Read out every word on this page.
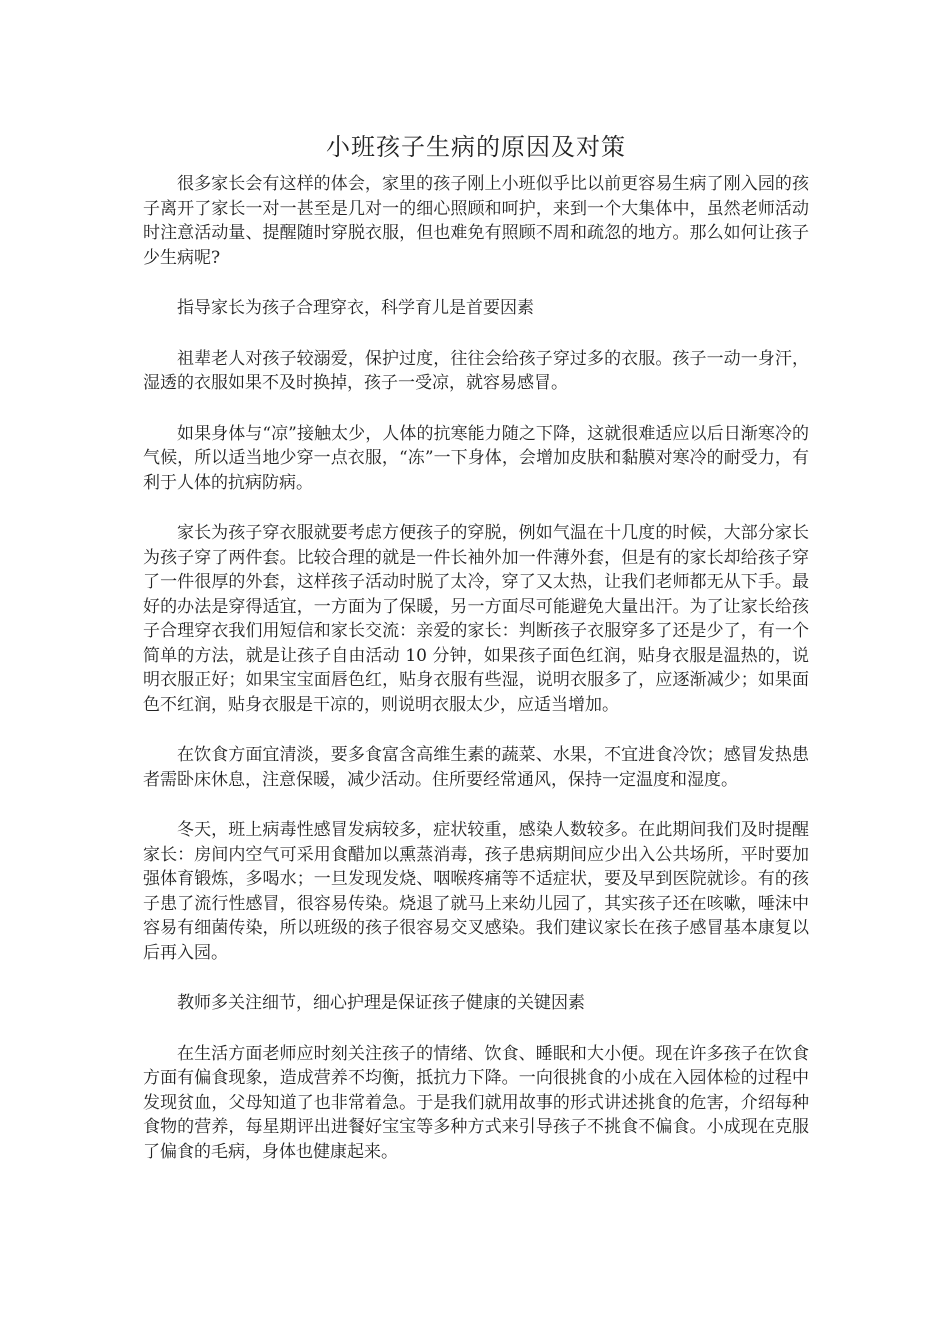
小班孩子生病的原因及对策

很多家长会有这样的体会，家里的孩子刚上小班似乎比以前更容易生病了刚入园的孩子离开了家长一对一甚至是几对一的细心照顾和呵护，来到一个大集体中，虽然老师活动时注意活动量、提醒随时穿脱衣服，但也难免有照顾不周和疏忽的地方。那么如何让孩子少生病呢?

指导家长为孩子合理穿衣，科学育儿是首要因素

祖辈老人对孩子较溺爱，保护过度，往往会给孩子穿过多的衣服。孩子一动一身汗，湿透的衣服如果不及时换掉，孩子一受凉，就容易感冒。

如果身体与“凉”接触太少，人体的抗寒能力随之下降，这就很难适应以后日渐寒冷的气候，所以适当地少穿一点衣服，“冻”一下身体，会增加皮肤和黏膜对寒冷的耐受力，有利于人体的抗病防病。

家长为孩子穿衣服就要考虑方便孩子的穿脱，例如气温在十几度的时候，大部分家长为孩子穿了两件套。比较合理的就是一件长袖外加一件薄外套，但是有的家长却给孩子穿了一件很厚的外套，这样孩子活动时脱了太冷，穿了又太热，让我们老师都无从下手。最好的办法是穿得适宜，一方面为了保暖，另一方面尽可能避免大量出汗。为了让家长给孩子合理穿衣我们用短信和家长交流：亲爱的家长：判断孩子衣服穿多了还是少了，有一个简单的方法，就是让孩子自由活动 10 分钟，如果孩子面色红润，贴身衣服是温热的，说明衣服正好；如果宝宝面唇色红，贴身衣服有些湿，说明衣服多了，应逐渐减少；如果面色不红润，贴身衣服是干凉的，则说明衣服太少，应适当增加。

在饮食方面宜清淡，要多食富含高维生素的蔬菜、水果，不宜进食冷饮；感冒发热患者需卧床休息，注意保暖，减少活动。住所要经常通风，保持一定温度和湿度。

冬天，班上病毒性感冒发病较多，症状较重，感染人数较多。在此期间我们及时提醒家长：房间内空气可采用食醋加以熏蒸消毒，孩子患病期间应少出入公共场所，平时要加强体育锻炼，多喝水；一旦发现发烧、咽喉疼痛等不适症状，要及早到医院就诊。有的孩子患了流行性感冒，很容易传染。烧退了就马上来幼儿园了，其实孩子还在咳嗽，唾沫中容易有细菌传染，所以班级的孩子很容易交叉感染。我们建议家长在孩子感冒基本康复以后再入园。

教师多关注细节，细心护理是保证孩子健康的关键因素

在生活方面老师应时刻关注孩子的情绪、饮食、睡眠和大小便。现在许多孩子在饮食方面有偏食现象，造成营养不均衡，抵抗力下降。一向很挑食的小成在入园体检的过程中发现贫血，父母知道了也非常着急。于是我们就用故事的形式讲述挑食的危害，介绍每种食物的营养，每星期评出进餐好宝宝等多种方式来引导孩子不挑食不偏食。小成现在克服了偏食的毛病，身体也健康起来。
